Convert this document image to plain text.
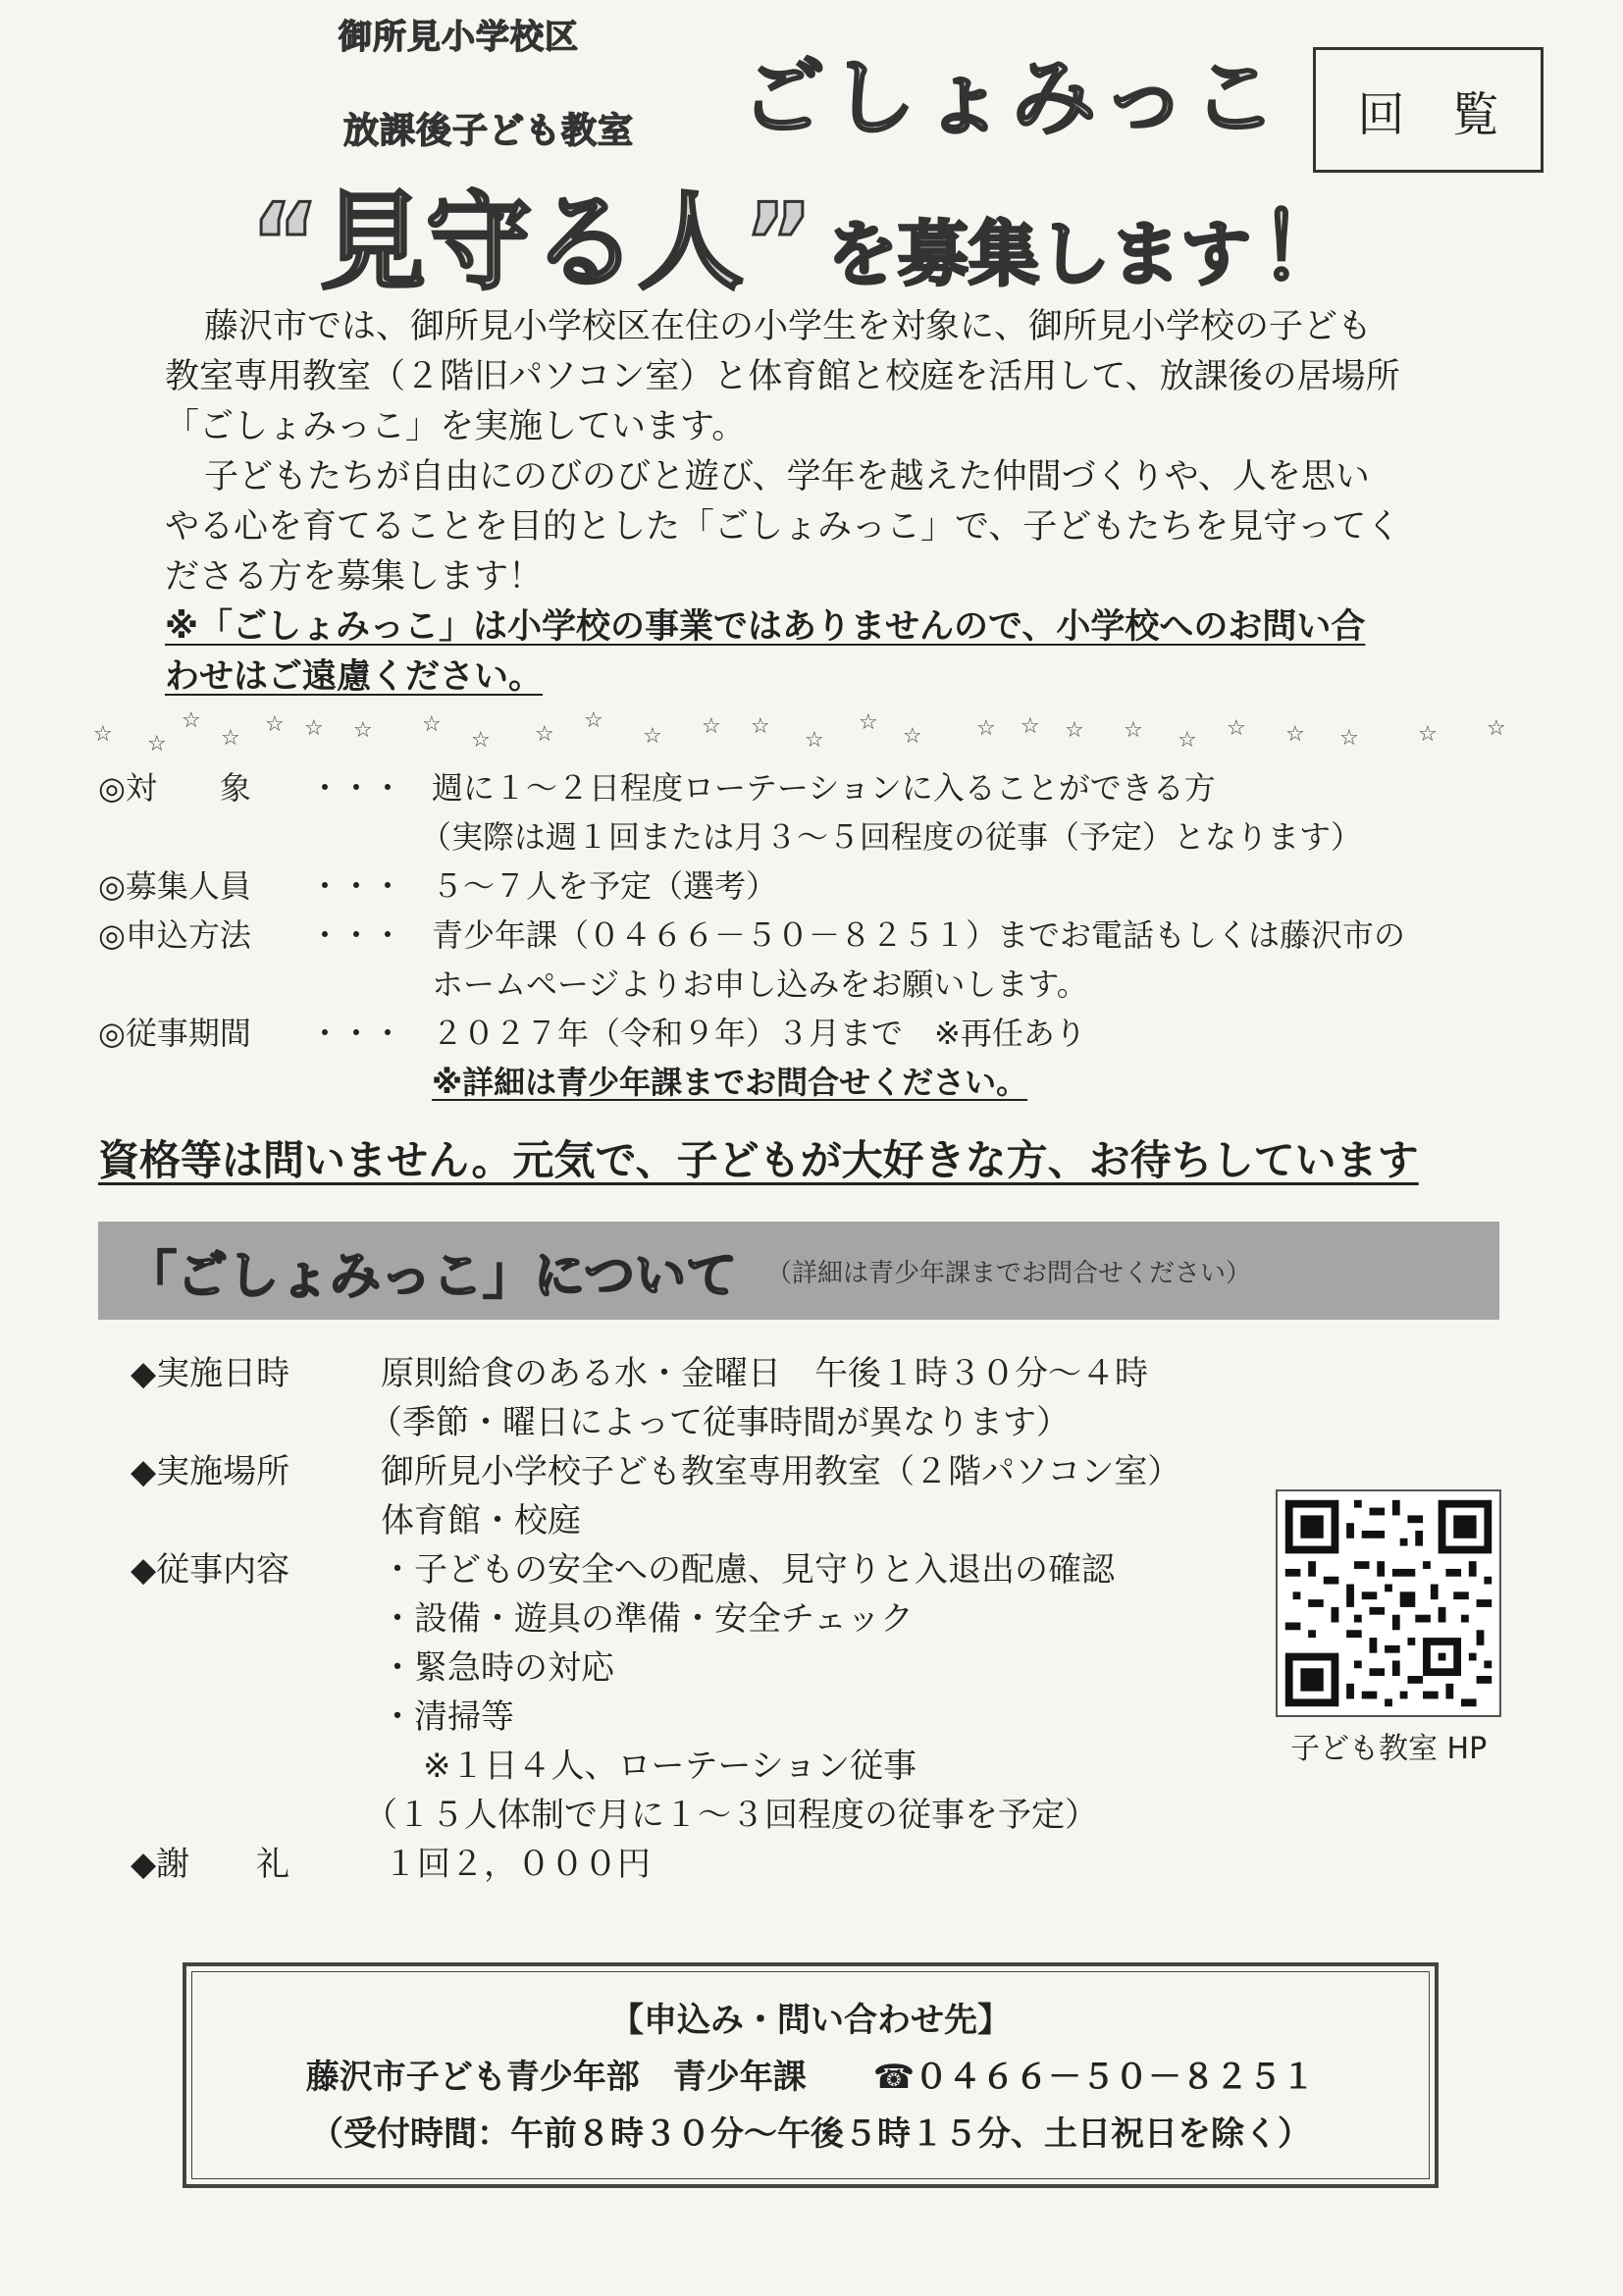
御所見小学校区
放課後子ども教室 ごしょみっこ	回覧
“見守る人” を募集します！

藤沢市では、御所見小学校区在住の小学生を対象に、御所見小学校の子ども

教室専用教室（２階旧パソコン室）と体育館と校庭を活用して、放課後の居場所

「ごしょみっこ」を実施しています。

子どもたちが自由にのびのびと遊び、学年を越えた仲間づくりや、人を思い

やる心を育てることを目的とした「ごしょみっこ」で、子どもたちを見守ってく

ださる方を募集します！

※「ごしょみっこ」は小学校の事業ではありませんので、小学校へのお問い合

わせはご遠慮ください。

☆ ☆
☆
☆
☆ ☆ ☆ ☆
☆ ☆
☆
☆ ☆ ☆
☆
☆
☆	☆ ☆ ☆ ☆ ☆ ☆ ☆ ☆	☆ ☆
◎対　　象 ・・・ 週に１～２日程度ローテーションに入ることができる方
（実際は週１回または月３～５回程度の従事（予定）となります）
◎募集人員 ・・・ ５～７人を予定（選考）
◎申込方法 ・・・ 青少年課（０４６６－５０－８２５１）までお電話もしくは藤沢市の
ホームページよりお申し込みをお願いします。
◎従事期間 ・・・ ２０２７年（令和９年）３月まで　※再任あり
※詳細は青少年課までお問合せください。
資格等は問いません。元気で、子どもが大好きな方、お待ちしています
「ごしょみっこ」について （詳細は青少年課までお問合せください）
◆実施日時	原則給食のある水・金曜日　午後１時３０分～４時
（季節・曜日によって従事時間が異なります）
◆実施場所	御所見小学校子ども教室専用教室（２階パソコン室）
体育館・校庭
◆従事内容	・子どもの安全への配慮、見守りと入退出の確認
・設備・遊具の準備・安全チェック
・緊急時の対応
・清掃等
※１日４人、ローテーション従事
（１５人体制で月に１～３回程度の従事を予定）
◆謝　　礼	１回２，０００円
子ども教室 HP
【申込み・問い合わせ先】
藤沢市子ども青少年部　青少年課　　☎０４６６－５０－８２５１
（受付時間：午前８時３０分～午後５時１５分、土日祝日を除く）
